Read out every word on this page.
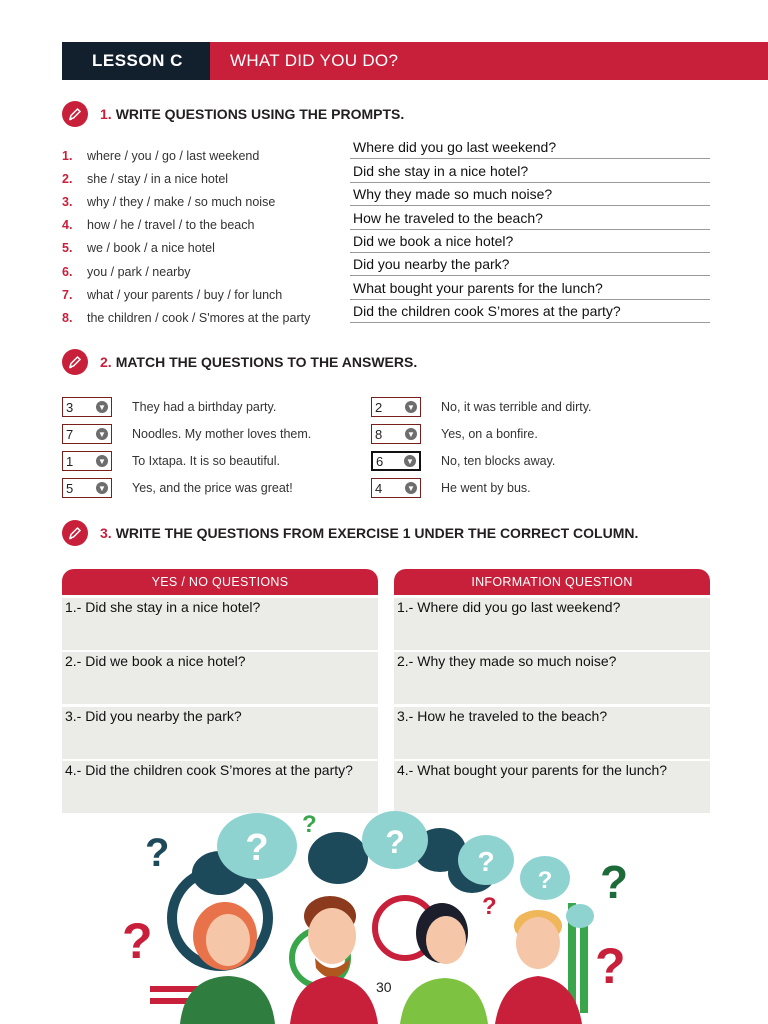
LESSON C	WHAT DID YOU DO?
1. WRITE QUESTIONS USING THE PROMPTS.
1.	where / you / go / last weekend
2.	she / stay / in a nice hotel
3.	why / they / make / so much noise
4.	how / he / travel / to the beach
5.	we / book / a nice hotel
6.	you / park / nearby
7.	what / your parents / buy / for lunch
8.	the children / cook / S'mores at the party
Where did you go last weekend?
Did she stay in a nice hotel?
Why they made so much noise?
How he traveled to the beach?
Did we book a nice hotel?
Did you nearby the park?
What bought your parents for the lunch?
Did the children cook S’mores at the party?
2. MATCH THE QUESTIONS TO THE ANSWERS.
3	▼ They had a birthday party.
7	▼ Noodles. My mother loves them.
1	▼ To Ixtapa. It is so beautiful.
5	▼ Yes, and the price was great!
2	▼ No, it was terrible and dirty.
8	▼ Yes, on a bonfire.
6	▼ No, ten blocks away.
4	▼ He went by bus.
3. WRITE THE QUESTIONS FROM EXERCISE 1 UNDER THE CORRECT COLUMN.
YES / NO QUESTIONS
1.- Did she stay in a nice hotel?
2.- Did we book a nice hotel?
3.- Did you nearby the park?
4.- Did the children cook S’mores at the party?
INFORMATION QUESTION
1.- Where did you go last weekend?
2.- Why they made so much noise?
3.- How he traveled to the beach?
4.- What bought your parents for the lunch?
?	?
?
?
?
?
?
? ?
?
30
